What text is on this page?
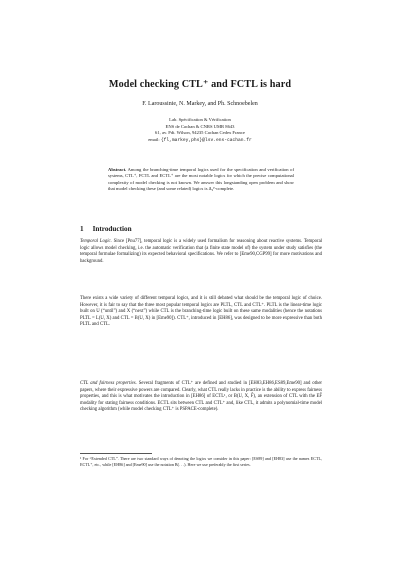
Model checking CTL⁺ and FCTL is hard
F. Laroussinie, N. Markey, and Ph. Schnoebelen
Lab. Spécification & Vérification
ENS de Cachan & CNRS UMR 8643
61, av. Pdt. Wilson, 94235 Cachan Cedex France
email: {fl,markey,phs}@lsv.ens-cachan.fr
Abstract. Among the branching-time temporal logics used for the specification and verification of systems, CTL⁺, FCTL and ECTL⁺ are the most notable logics for which the precise computational complexity of model checking is not known. We answer this longstanding open problem and show that model checking these (and some related) logics is Δ₂ᴾ-complete.
1 Introduction
Temporal Logic. Since [Pnu77], temporal logic is a widely used formalism for reasoning about reactive systems. Temporal logic allows model checking, i.e. the automatic verification that (a finite state model of) the system under study satisfies (the temporal formulae formalizing) its expected behavioral specifications. We refer to [Eme90,CGP99] for more motivations and background.
There exists a wide variety of different temporal logics, and it is still debated what should be the temporal logic of choice. However, it is fair to say that the three most popular temporal logics are PLTL, CTL and CTL⁺. PLTL is the linear-time logic built on U (“until”) and X (“next”) while CTL is the branching-time logic built on these same modalities (hence the notations PLTL = L(U, X) and CTL = B(U, X) in [Eme90]). CTL⁺, introduced in [EH86], was designed to be more expressive than both PLTL and CTL.
CTL and fairness properties. Several fragments of CTL⁺ are defined and studied in [EH83,EH86,ES89,Eme90] and other papers, where their expressive powers are compared. Clearly, what CTL really lacks in practice is the ability to express fairness properties, and this is what motivates the introduction in [EH86] of ECTL¹, or B(U, X, F̃), an extension of CTL with the EF̃ modality for stating fairness conditions. ECTL sits between CTL and CTL⁺ and, like CTL, it admits a polynomial-time model checking algorithm (while model checking CTL⁺ is PSPACE-complete).
¹ For “Extended CTL”. There are two standard ways of denoting the logics we consider in this paper: [ES89] and [EH83] use the names ECTL, ECTL⁺, etc., while [EH86] and [Eme90] use the notation B(. . .). Here we use preferably the first series.
